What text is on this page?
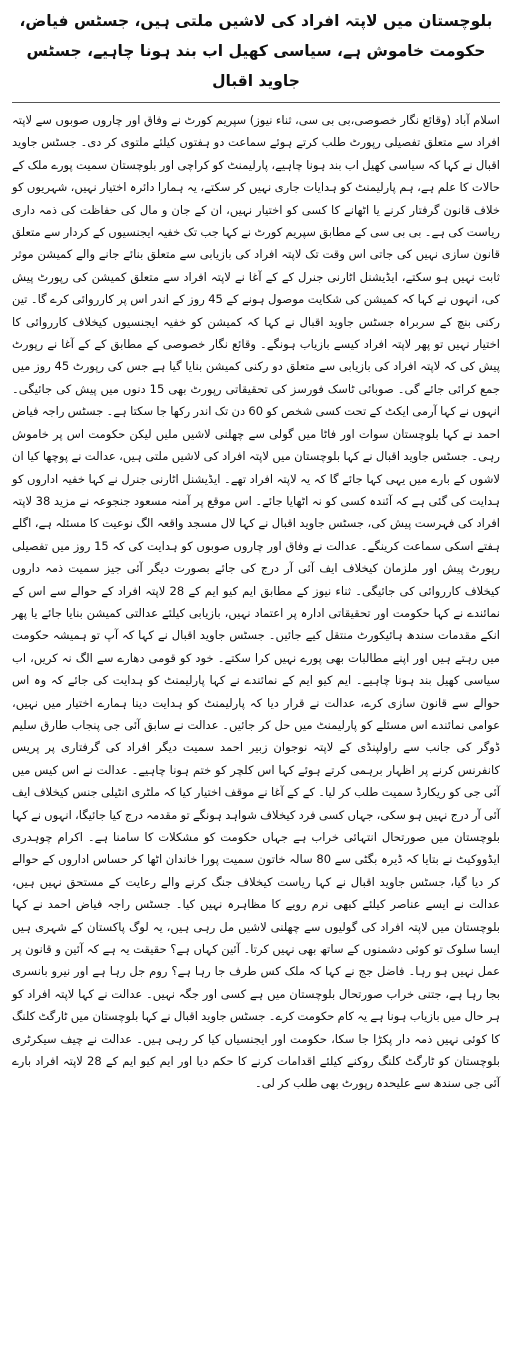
بلوچستان میں لاپتہ افراد کی لاشیں ملتی ہیں، جسٹس فیاض، حکومت خاموش ہے، سیاسی کھیل اب بند ہونا چاہیے، جسٹس جاوید اقبال

اسلام آباد (وقائع نگار خصوصی،بی بی سی، ثناء نیوز) سپریم کورٹ نے وفاق اور چاروں صوبوں سے لاپتہ افراد سے متعلق تفصیلی رپورٹ طلب کرتے ہوئے سماعت دو ہفتوں کیلئے ملتوی کر دی۔ جسٹس جاوید اقبال نے کہا کہ سیاسی کھیل اب بند ہونا چاہیے، پارلیمنٹ کو کراچی اور بلوچستان سمیت پورے ملک کے حالات کا علم ہے، ہم پارلیمنٹ کو ہدایات جاری نہیں کر سکتے، یہ ہمارا دائرہ اختیار نہیں، شہریوں کو خلاف قانون گرفتار کرنے یا اٹھانے کا کسی کو اختیار نہیں، ان کے جان و مال کی حفاظت کی ذمہ داری ریاست کی ہے۔ بی بی سی کے مطابق سپریم کورٹ نے کہا جب تک خفیہ ایجنسیوں کے کردار سے متعلق قانون سازی نہیں کی جاتی اس وقت تک لاپتہ افراد کی بازیابی سے متعلق بنائے جانے والے کمیشن موثر ثابت نہیں ہو سکتے، ایڈیشنل اٹارنی جنرل کے کے آغا نے لاپتہ افراد سے متعلق کمیشن کی رپورٹ پیش کی، انہوں نے کہا کہ کمیشن کی شکایت موصول ہونے کے 45 روز کے اندر اس پر کارروائی کرے گا۔ تین رکنی بنچ کے سربراہ جسٹس جاوید اقبال نے کہا کہ کمیشن کو خفیہ ایجنسیوں کیخلاف کارروائی کا اختیار نہیں تو پھر لاپتہ افراد کیسے بازیاب ہونگے۔ وقائع نگار خصوصی کے مطابق کے کے آغا نے رپورٹ پیش کی کہ لاپتہ افراد کی بازیابی سے متعلق دو رکنی کمیشن بنایا گیا ہے جس کی رپورٹ 45 روز میں جمع کرائی جائے گی۔ صوبائی ٹاسک فورسز کی تحقیقاتی رپورٹ بھی 15 دنوں میں پیش کی جائیگی۔ انہوں نے کہا آرمی ایکٹ کے تحت کسی شخص کو 60 دن تک اندر رکھا جا سکتا ہے۔ جسٹس راجہ فیاض احمد نے کہا بلوچستان سوات اور فاٹا میں گولی سے چھلنی لاشیں ملیں لیکن حکومت اس پر خاموش رہی۔ جسٹس جاوید اقبال نے کہا بلوچستان میں لاپتہ افراد کی لاشیں ملتی ہیں، عدالت نے پوچھا کیا ان لاشوں کے بارے میں یہی کہا جائے گا کہ یہ لاپتہ افراد تھے۔ ایڈیشنل اٹارنی جنرل نے کہا خفیہ اداروں کو ہدایت کی گئی ہے کہ آئندہ کسی کو نہ اٹھایا جائے۔ اس موقع پر آمنہ مسعود جنجوعہ نے مزید 38 لاپتہ افراد کی فہرست پیش کی، جسٹس جاوید اقبال نے کہا لال مسجد واقعہ الگ نوعیت کا مسئلہ ہے، اگلے ہفتے اسکی سماعت کرینگے۔ عدالت نے وفاق اور چاروں صوبوں کو ہدایت کی کہ 15 روز میں تفصیلی رپورٹ پیش اور ملزمان کیخلاف ایف آئی آر درج کی جائے بصورت دیگر آئی جیز سمیت ذمہ داروں کیخلاف کارروائی کی جائیگی۔ ثناء نیوز کے مطابق ایم کیو ایم کے 28 لاپتہ افراد کے حوالے سے اس کے نمائندے نے کہا حکومت اور تحقیقاتی ادارہ پر اعتماد نہیں، بازیابی کیلئے عدالتی کمیشن بنایا جائے یا پھر انکے مقدمات سندھ ہائیکورٹ منتقل کیے جائیں۔ جسٹس جاوید اقبال نے کہا کہ آپ تو ہمیشہ حکومت میں رہتے ہیں اور اپنے مطالبات بھی پورے نہیں کرا سکتے۔ خود کو قومی دھارے سے الگ نہ کریں، اب سیاسی کھیل بند ہونا چاہیے۔ ایم کیو ایم کے نمائندے نے کہا پارلیمنٹ کو ہدایت کی جائے کہ وہ اس حوالے سے قانون سازی کرے، عدالت نے قرار دیا کہ پارلیمنٹ کو ہدایت دینا ہمارے اختیار میں نہیں، عوامی نمائندے اس مسئلے کو پارلیمنٹ میں حل کر جائیں۔ عدالت نے سابق آئی جی پنجاب طارق سلیم ڈوگر کی جانب سے راولپنڈی کے لاپتہ نوجوان زبیر احمد سمیت دیگر افراد کی گرفتاری پر پریس کانفرنس کرنے پر اظہار برہمی کرتے ہوئے کہا اس کلچر کو ختم ہونا چاہیے۔ عدالت نے اس کیس میں آئی جی کو ریکارڈ سمیت طلب کر لیا۔ کے کے آغا نے موقف اختیار کیا کہ ملٹری انٹیلی جنس کیخلاف ایف آئی آر درج نہیں ہو سکی، جہاں کسی فرد کیخلاف شواہد ہونگے تو مقدمہ درج کیا جائیگا، انہوں نے کہا بلوچستان میں صورتحال انتہائی خراب ہے جہاں حکومت کو مشکلات کا سامنا ہے۔ اکرام چوہدری ایڈووکیٹ نے بتایا کہ ڈیرہ بگٹی سے 80 سالہ خاتون سمیت پورا خاندان اٹھا کر حساس اداروں کے حوالے کر دیا گیا، جسٹس جاوید اقبال نے کہا ریاست کیخلاف جنگ کرنے والے رعایت کے مستحق نہیں ہیں، عدالت نے ایسے عناصر کیلئے کبھی نرم رویے کا مظاہرہ نہیں کیا۔ جسٹس راجہ فیاض احمد نے کہا بلوچستان میں لاپتہ افراد کی گولیوں سے چھلنی لاشیں مل رہی ہیں، یہ لوگ پاکستان کے شہری ہیں ایسا سلوک تو کوئی دشمنوں کے ساتھ بھی نہیں کرتا۔ آئین کہاں ہے؟ حقیقت یہ ہے کہ آئین و قانون پر عمل نہیں ہو رہا۔ فاضل جج نے کہا کہ ملک کس طرف جا رہا ہے؟ روم جل رہا ہے اور نیرو بانسری بجا رہا ہے، جتنی خراب صورتحال بلوچستان میں ہے کسی اور جگہ نہیں۔ عدالت نے کہا لاپتہ افراد کو ہر حال میں بازیاب ہونا ہے یہ کام حکومت کرے۔ جسٹس جاوید اقبال نے کہا بلوچستان میں ٹارگٹ کلنگ کا کوئی نہیں ذمہ دار پکڑا جا سکا، حکومت اور ایجنسیاں کیا کر رہی ہیں۔ عدالت نے چیف سیکرٹری بلوچستان کو ٹارگٹ کلنگ روکنے کیلئے اقدامات کرنے کا حکم دیا اور ایم کیو ایم کے 28 لاپتہ افراد بارے آئی جی سندھ سے علیحدہ رپورٹ بھی طلب کر لی۔
